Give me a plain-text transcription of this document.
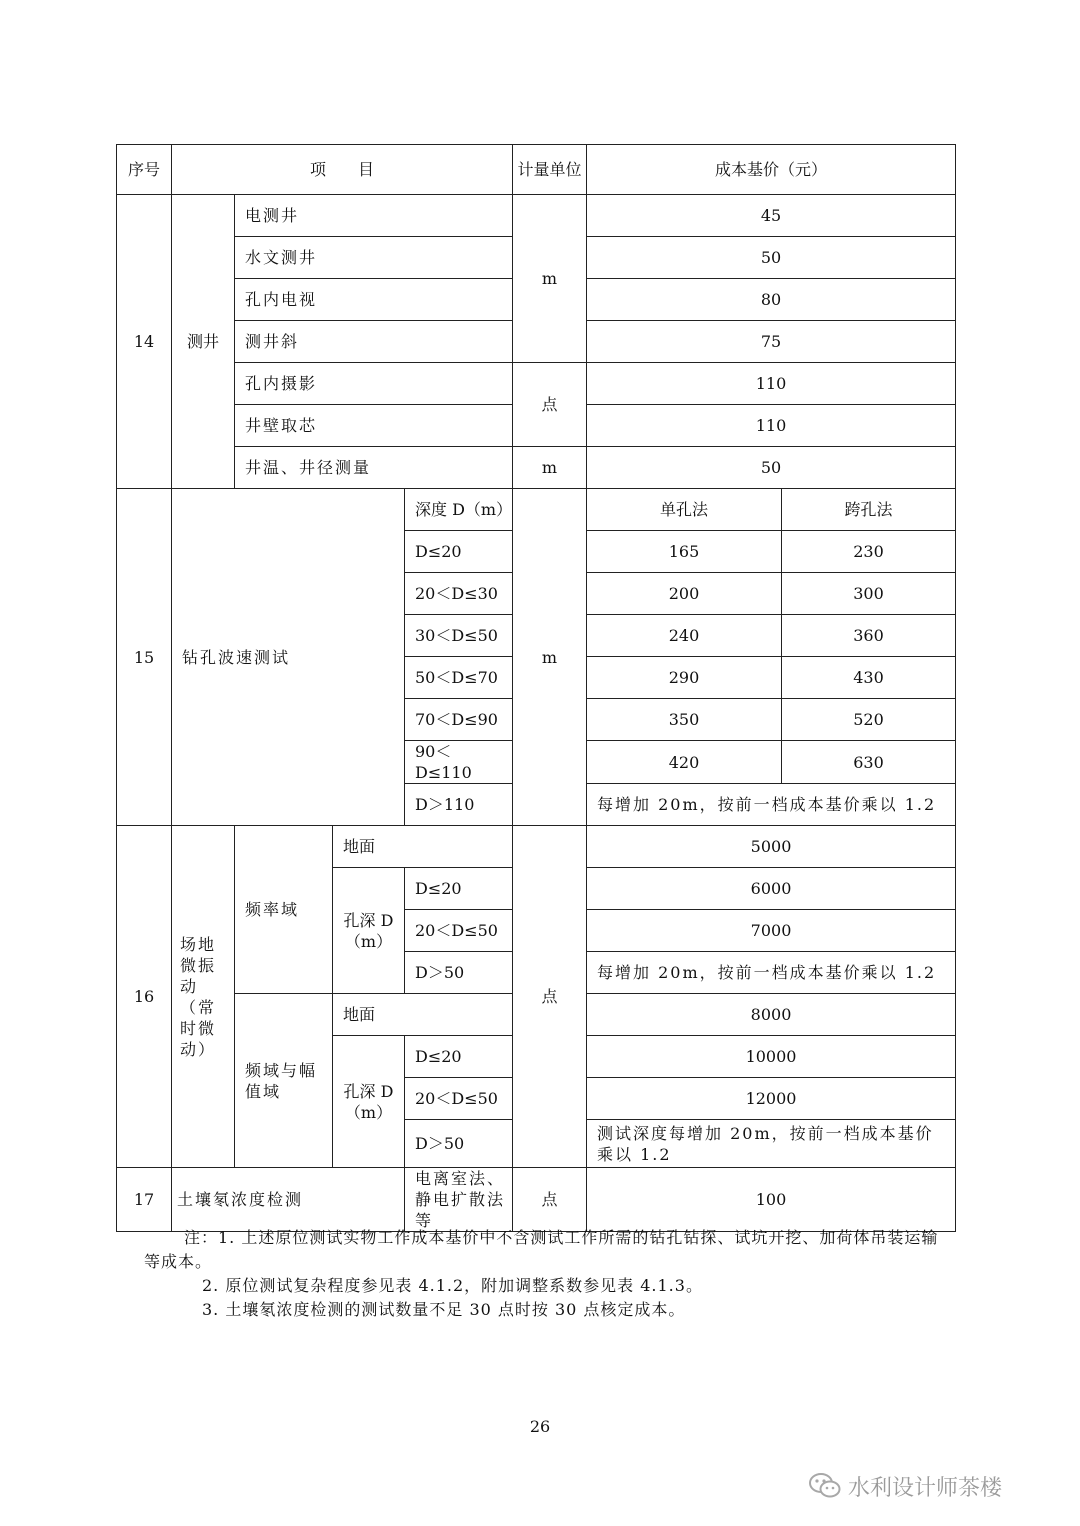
序号	项　　目				计量单位	成本基价（元）	
14	测井	电测井			m	45	
		水文测井				50	
		孔内电视				80	
		测井斜				75	
		孔内摄影			点	110	
		井壁取芯				110	
		井温、井径测量			m	50	
15	钻孔波速测试			深度 D（m）	m	单孔法	跨孔法
				D≤20		165	230
				20＜D≤30		200	300
				30＜D≤50		240	360
				50＜D≤70		290	430
				70＜D≤90		350	520
				90＜D≤110		420	630
				D＞110		每增加 20m，按前一档成本基价乘以 1.2	
16	场地微振动（常时微动）	频率域	地面		点	5000	
			孔深 D（m）	D≤20		6000	
				20＜D≤50		7000	
				D＞50		每增加 20m，按前一档成本基价乘以 1.2	
		频域与幅值域	地面			8000	
			孔深 D（m）	D≤20		10000	
				20＜D≤50		12000	
				D＞50		测试深度每增加 20m，按前一档成本基价乘以 1.2	
17	土壤氡浓度检测			电离室法、静电扩散法等	点	100	

注：1. 上述原位测试实物工作成本基价中不含测试工作所需的钻孔钻探、试坑开挖、加荷体吊装运输等成本。

2. 原位测试复杂程度参见表 4.1.2，附加调整系数参见表 4.1.3。

3. 土壤氡浓度检测的测试数量不足 30 点时按 30 点核定成本。

26
水利设计师茶楼
